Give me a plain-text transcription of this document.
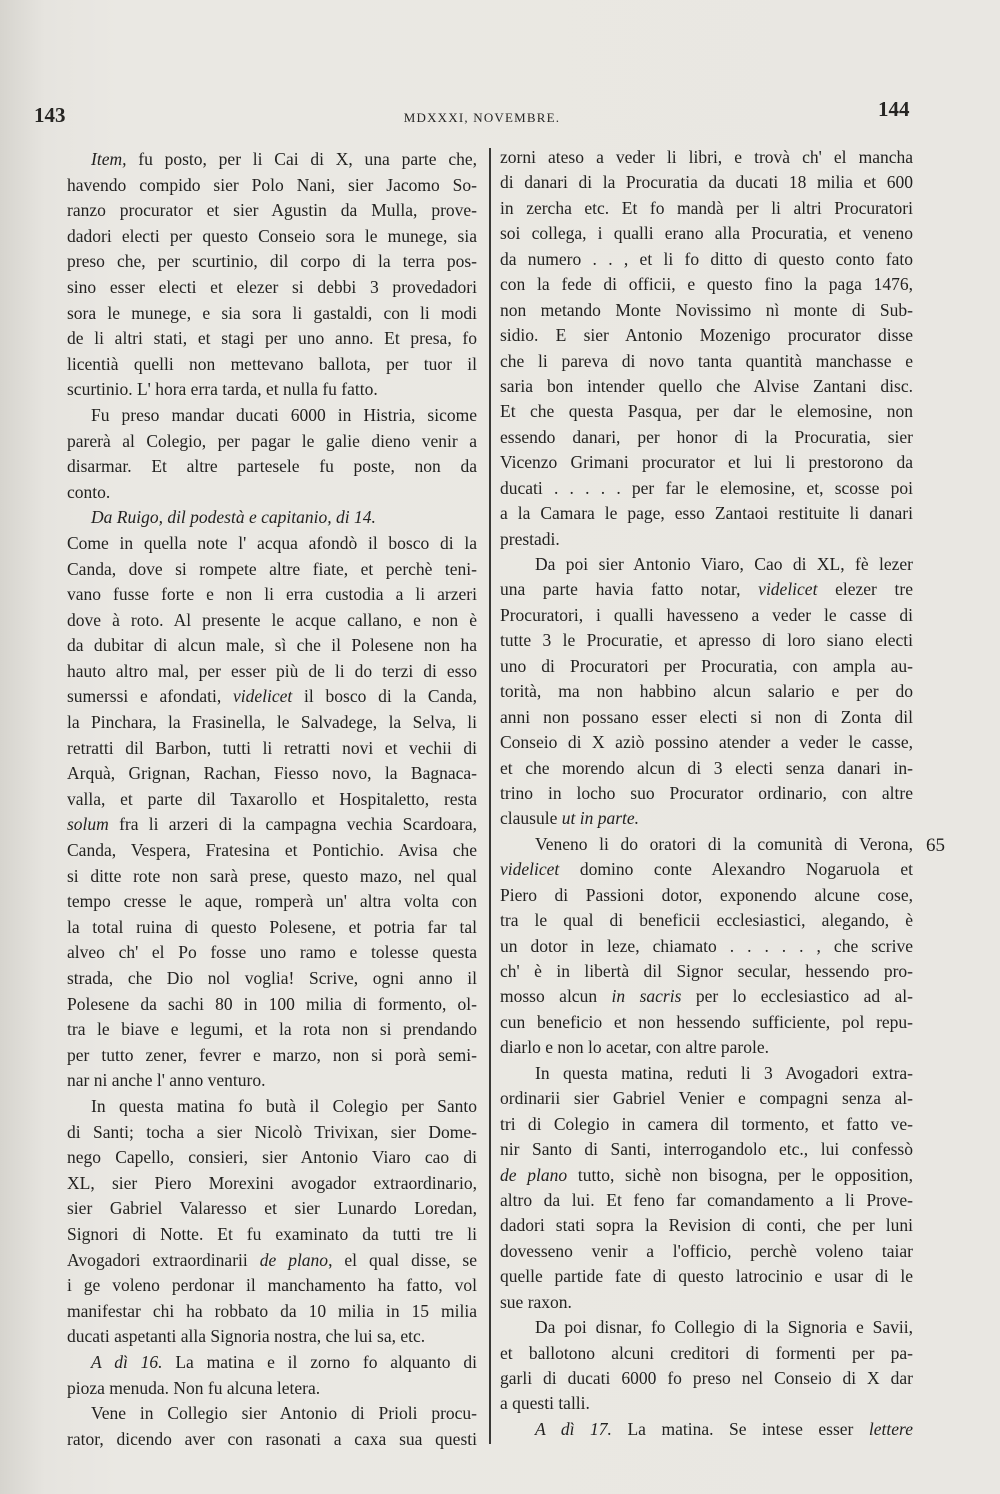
143	MDXXXI, NOVEMBRE.	144
Item, fu posto, per li Cai di X, una parte che,
havendo compido sier Polo Nani, sier Jacomo So-
ranzo procurator et sier Agustin da Mulla, prove-
dadori electi per questo Conseio sora le munege, sia
preso che, per scurtinio, dil corpo di la terra pos-
sino esser electi et elezer si debbi 3 provedadori
sora le munege, e sia sora li gastaldi, con li modi
de li altri stati, et stagi per uno anno. Et presa, fo
licentià quelli non mettevano ballota, per tuor il
scurtinio. L' hora erra tarda, et nulla fu fatto.
Fu preso mandar ducati 6000 in Histria, sicome
parerà al Colegio, per pagar le galie dieno venir a
disarmar. Et altre partesele fu poste, non da
conto.
Da Ruigo, dil podestà e capitanio, di 14.
Come in quella note l' acqua afondò il bosco di la
Canda, dove si rompete altre fiate, et perchè teni-
vano fusse forte e non li erra custodia a li arzeri
dove à roto. Al presente le acque callano, e non è
da dubitar di alcun male, sì che il Polesene non ha
hauto altro mal, per esser più de li do terzi di esso
sumerssi e afondati, videlicet il bosco di la Canda,
la Pinchara, la Frasinella, le Salvadege, la Selva, li
retratti dil Barbon, tutti li retratti novi et vechii di
Arquà, Grignan, Rachan, Fiesso novo, la Bagnaca-
valla, et parte dil Taxarollo et Hospitaletto, resta
solum fra li arzeri di la campagna vechia Scardoara,
Canda, Vespera, Fratesina et Pontichio. Avisa che
si ditte rote non sarà prese, questo mazo, nel qual
tempo cresse le aque, romperà un' altra volta con
la total ruina di questo Polesene, et potria far tal
alveo ch' el Po fosse uno ramo e tolesse questa
strada, che Dio nol voglia! Scrive, ogni anno il
Polesene da sachi 80 in 100 milia di formento, ol-
tra le biave e legumi, et la rota non si prendando
per tutto zener, fevrer e marzo, non si porà semi-
nar ni anche l' anno venturo.
In questa matina fo butà il Colegio per Santo
di Santi; tocha a sier Nicolò Trivixan, sier Dome-
nego Capello, consieri, sier Antonio Viaro cao di
XL, sier Piero Morexini avogador extraordinario,
sier Gabriel Valaresso et sier Lunardo Loredan,
Signori di Notte. Et fu examinato da tutti tre li
Avogadori extraordinarii de plano, el qual disse, se
i ge voleno perdonar il manchamento ha fatto, vol
manifestar chi ha robbato da 10 milia in 15 milia
ducati aspetanti alla Signoria nostra, che lui sa, etc.
A dì 16. La matina e il zorno fo alquanto di
pioza menuda. Non fu alcuna letera.
Vene in Collegio sier Antonio di Prioli procu-
rator, dicendo aver con rasonati a caxa sua questi
zorni ateso a veder li libri, e trovà ch' el mancha
di danari di la Procuratia da ducati 18 milia et 600
in zercha etc. Et fo mandà per li altri Procuratori
soi collega, i qualli erano alla Procuratia, et veneno
da numero . . , et li fo ditto di questo conto fato
con la fede di officii, e questo fino la paga 1476,
non metando Monte Novissimo nì monte di Sub-
sidio. E sier Antonio Mozenigo procurator disse
che li pareva di novo tanta quantità manchasse e
saria bon intender quello che Alvise Zantani disc.
Et che questa Pasqua, per dar le elemosine, non
essendo danari, per honor di la Procuratia, sier
Vicenzo Grimani procurator et lui li prestorono da
ducati . . . . . per far le elemosine, et, scosse poi
a la Camara le page, esso Zantaoi restituite li danari
prestadi.
Da poi sier Antonio Viaro, Cao di XL, fè lezer
una parte havia fatto notar, videlicet elezer tre
Procuratori, i qualli havesseno a veder le casse di
tutte 3 le Procuratie, et apresso di loro siano electi
uno di Procuratori per Procuratia, con ampla au-
torità, ma non habbino alcun salario e per do
anni non possano esser electi si non di Zonta dil
Conseio di X aziò possino atender a veder le casse,
et che morendo alcun di 3 electi senza danari in-
trino in locho suo Procurator ordinario, con altre
clausule ut in parte.
Veneno li do oratori di la comunità di Verona,
videlicet domino conte Alexandro Nogaruola et
Piero di Passioni dotor, exponendo alcune cose,
tra le qual di beneficii ecclesiastici, alegando, è
un dotor in leze, chiamato . . . . . , che scrive
ch' è in libertà dil Signor secular, hessendo pro-
mosso alcun in sacris per lo ecclesiastico ad al-
cun beneficio et non hessendo sufficiente, pol repu-
diarlo e non lo acetar, con altre parole.
In questa matina, reduti li 3 Avogadori extra-
ordinarii sier Gabriel Venier e compagni senza al-
tri di Colegio in camera dil tormento, et fatto ve-
nir Santo di Santi, interrogandolo etc., lui confessò
de plano tutto, sichè non bisogna, per le opposition,
altro da lui. Et feno far comandamento a li Prove-
dadori stati sopra la Revision di conti, che per luni
dovesseno venir a l'officio, perchè voleno taiar
quelle partide fate di questo latrocinio e usar di le
sue raxon.
Da poi disnar, fo Collegio di la Signoria e Savii,
et ballotono alcuni creditori di formenti per pa-
garli di ducati 6000 fo preso nel Conseio di X dar
a questi talli.
A dì 17. La matina. Se intese esser lettere
65
